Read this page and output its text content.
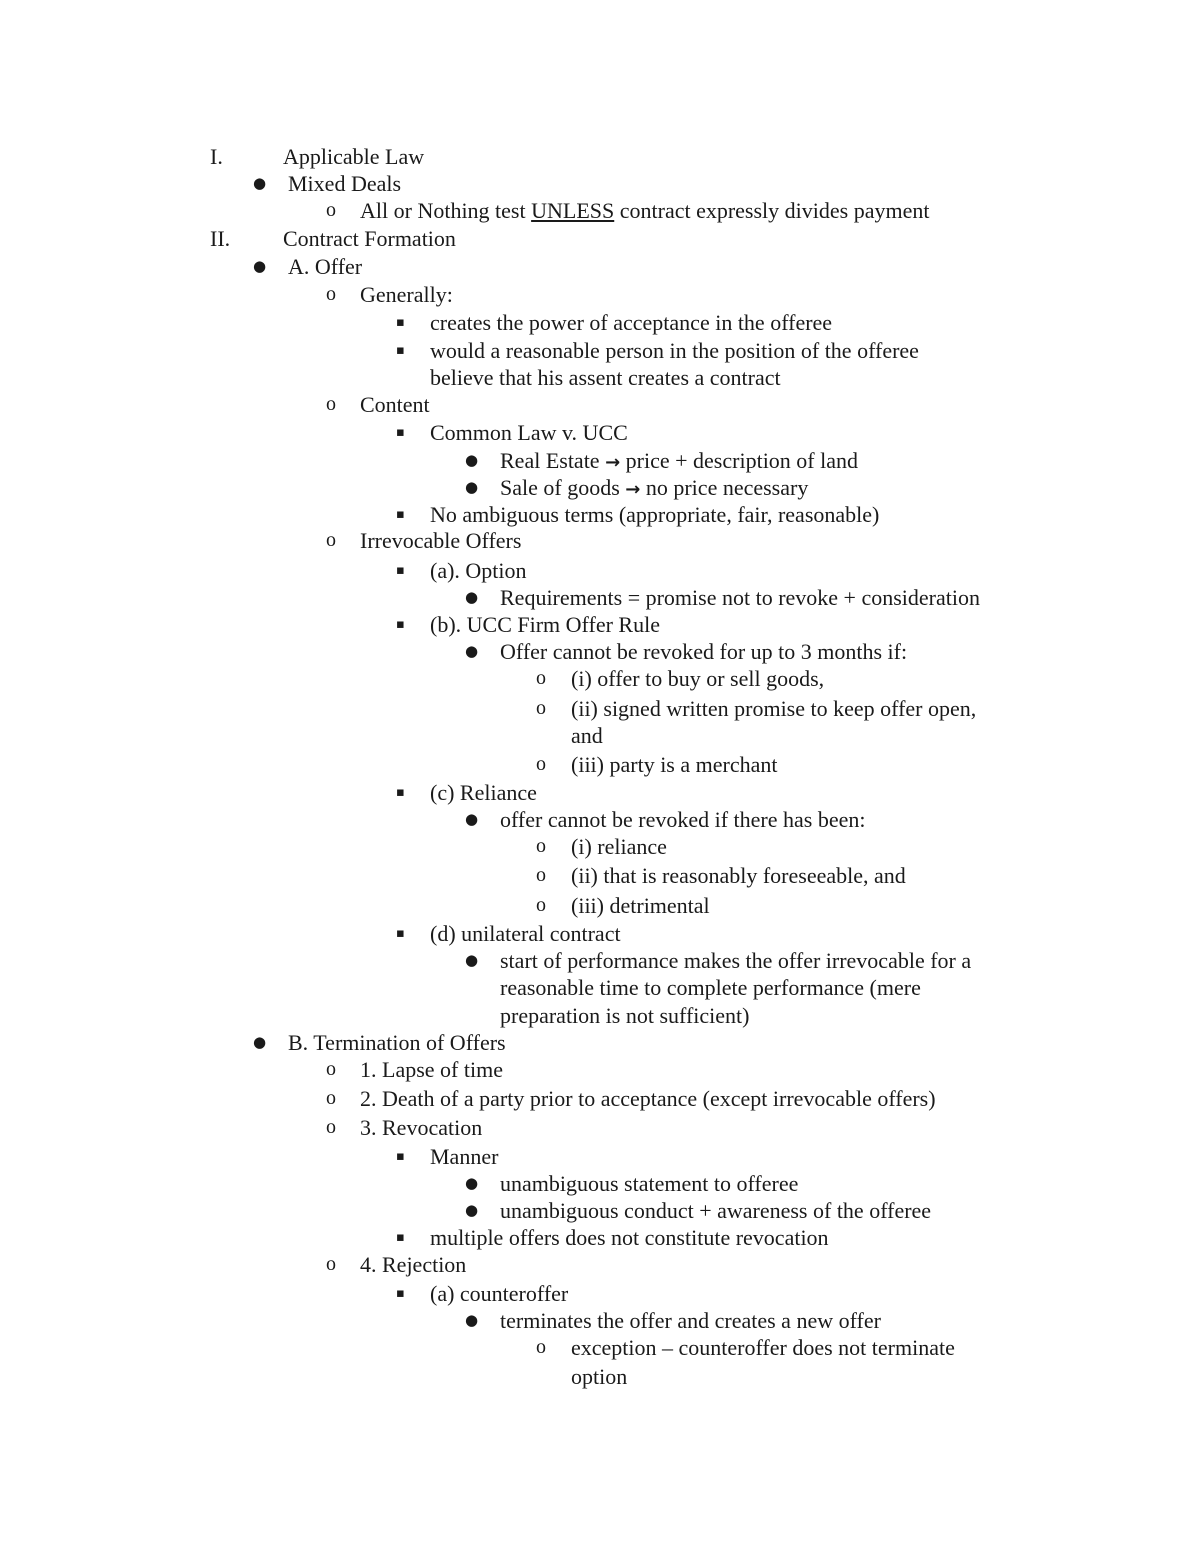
I.	Applicable Law
● Mixed Deals
o All or Nothing test UNLESS contract expressly divides payment
II. Contract Formation
● A. Offer
o Generally:
▪ creates the power of acceptance in the offeree
▪ would a reasonable person in the position of the offeree
believe that his assent creates a contract
o Content
▪ Common Law v. UCC
● Real Estate → price + description of land
● Sale of goods → no price necessary
▪ No ambiguous terms (appropriate, fair, reasonable)
o Irrevocable Offers
▪ (a). Option
● Requirements = promise not to revoke + consideration
▪ (b). UCC Firm Offer Rule
● Offer cannot be revoked for up to 3 months if:
o (i) offer to buy or sell goods,
o (ii) signed written promise to keep offer open,
and
o (iii) party is a merchant
▪ (c) Reliance
● offer cannot be revoked if there has been:
o (i) reliance
o (ii) that is reasonably foreseeable, and
o (iii) detrimental
▪ (d) unilateral contract
● start of performance makes the offer irrevocable for a
reasonable time to complete performance (mere
preparation is not sufficient)
● B. Termination of Offers
o 1. Lapse of time
o 2. Death of a party prior to acceptance (except irrevocable offers)
o 3. Revocation
▪ Manner
● unambiguous statement to offeree
● unambiguous conduct + awareness of the offeree
▪ multiple offers does not constitute revocation
o 4. Rejection
▪ (a) counteroffer
● terminates the offer and creates a new offer
o exception – counteroffer does not terminate
option
